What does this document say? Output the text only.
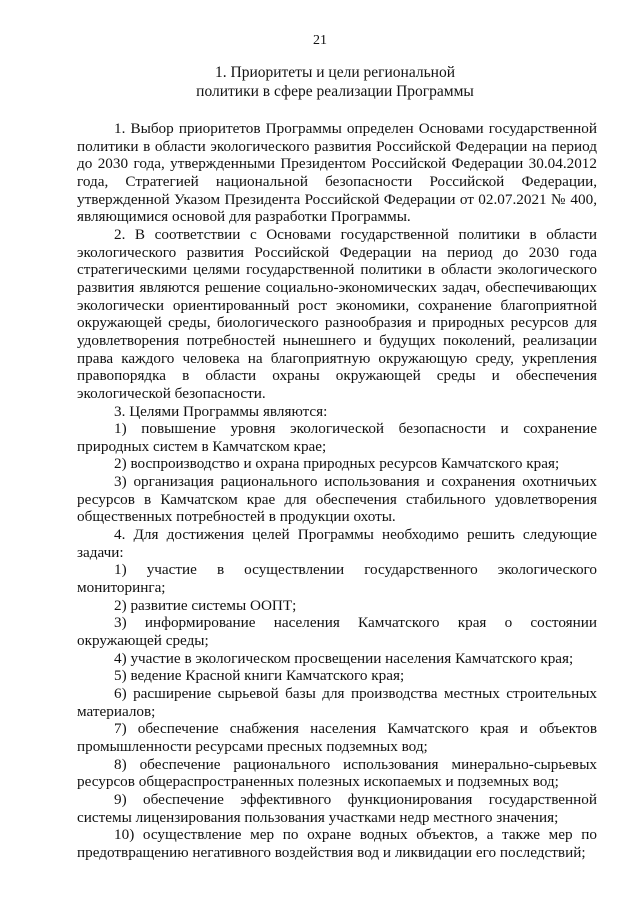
21
1. Приоритеты и цели региональной
политики в сфере реализации Программы

1. Выбор приоритетов Программы определен Основами государственной политики в области экологического развития Российской Федерации на период до 2030 года, утвержденными Президентом Российской Федерации 30.04.2012 года, Стратегией национальной безопасности Российской Федерации, утвержденной Указом Президента Российской Федерации от 02.07.2021 № 400, являющимися основой для разработки Программы.

2. В соответствии с Основами государственной политики в области экологического развития Российской Федерации на период до 2030 года стратегическими целями государственной политики в области экологического развития являются решение социально-экономических задач, обеспечивающих экологически ориентированный рост экономики, сохранение благоприятной окружающей среды, биологического разнообразия и природных ресурсов для удовлетворения потребностей нынешнего и будущих поколений, реализации права каждого человека на благоприятную окружающую среду, укрепления правопорядка в области охраны окружающей среды и обеспечения экологической безопасности.

3. Целями Программы являются:

1) повышение уровня экологической безопасности и сохранение природных систем в Камчатском крае;

2) воспроизводство и охрана природных ресурсов Камчатского края;

3) организация рационального использования и сохранения охотничьих ресурсов в Камчатском крае для обеспечения стабильного удовлетворения общественных потребностей в продукции охоты.

4. Для достижения целей Программы необходимо решить следующие задачи:

1) участие в осуществлении государственного экологического мониторинга;

2) развитие системы ООПТ;

3) информирование населения Камчатского края о состоянии окружающей среды;

4) участие в экологическом просвещении населения Камчатского края;

5) ведение Красной книги Камчатского края;

6) расширение сырьевой базы для производства местных строительных материалов;

7) обеспечение снабжения населения Камчатского края и объектов промышленности ресурсами пресных подземных вод;

8) обеспечение рационального использования минерально-сырьевых ресурсов общераспространенных полезных ископаемых и подземных вод;

9) обеспечение эффективного функционирования государственной системы лицензирования пользования участками недр местного значения;

10) осуществление мер по охране водных объектов, а также мер по предотвращению негативного воздействия вод и ликвидации его последствий;
